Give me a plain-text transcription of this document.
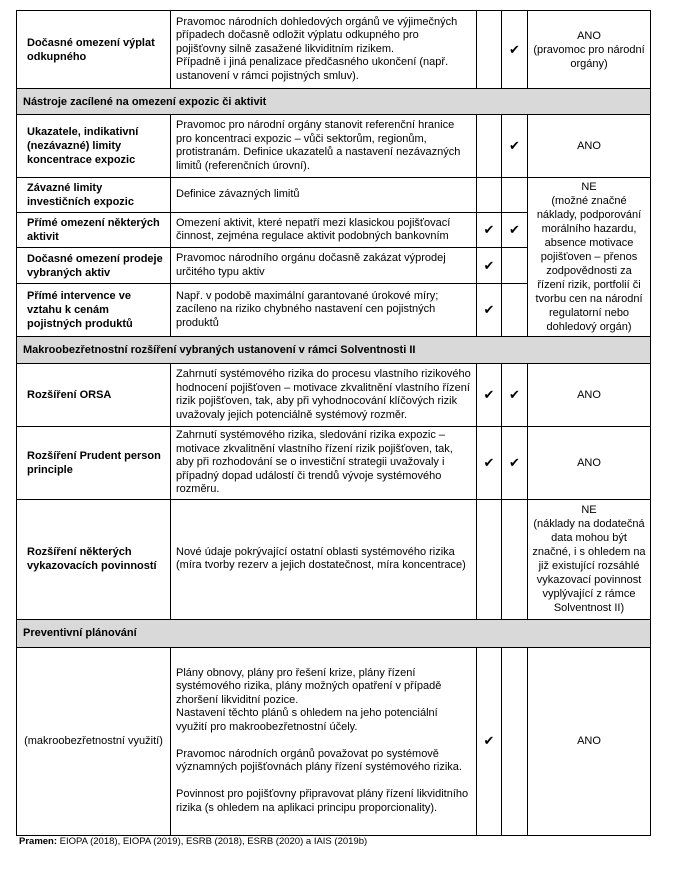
Dočasné omezení výplat odkupného	Pravomoc národních dohledových orgánů ve výjimečných případech dočasně odložit výplatu odkupného pro pojišťovny silně zasažené likviditním rizikem.
Případně i jiná penalizace předčasného ukončení (např. ustanovení v rámci pojistných smluv).		✔	ANO
(pravomoc pro národní orgány)
Nástroje zacílené na omezení expozic či aktivit				
Ukazatele, indikativní (nezávazné) limity koncentrace expozic	Pravomoc pro národní orgány stanovit referenční hranice pro koncentraci expozic – vůči sektorům, regionům, protistranám. Definice ukazatelů a nastavení nezávazných limitů (referenčních úrovní).		✔	ANO
Závazné limity investičních expozic	Definice závazných limitů			NE
(možné značné náklady, podporování morálního hazardu, absence motivace pojišťoven – přenos zodpovědnosti za řízení rizik, portfolií či tvorbu cen na národní regulatorní nebo dohledový orgán)
Přímé omezení některých aktivit	Omezení aktivit, které nepatří mezi klasickou pojišťovací činnost, zejména regulace aktivit podobných bankovním	✔	✔	
Dočasné omezení prodeje vybraných aktiv	Pravomoc národního orgánu dočasně zakázat výprodej určitého typu aktiv	✔		
Přímé intervence ve vztahu k cenám pojistných produktů	Např. v podobě maximální garantované úrokové míry; zacíleno na riziko chybného nastavení cen pojistných produktů	✔		
Makroobezřetnostní rozšíření vybraných ustanovení v rámci Solventnosti II				
Rozšíření ORSA	Zahrnutí systémového rizika do procesu vlastního rizikového hodnocení pojišťoven – motivace zkvalitnění vlastního řízení rizik pojišťoven, tak, aby při vyhodnocování klíčových rizik uvažovaly jejich potenciálně systémový rozměr.	✔	✔	ANO
Rozšíření Prudent person principle	Zahrnutí systémového rizika, sledování rizika expozic – motivace zkvalitnění vlastního řízení rizik pojišťoven, tak, aby při rozhodování se o investiční strategii uvažovaly i případný dopad událostí či trendů vývoje systémového rozměru.	✔	✔	ANO
Rozšíření některých vykazovacích povinností	Nové údaje pokrývající ostatní oblasti systémového rizika (míra tvorby rezerv a jejich dostatečnost, míra koncentrace)			NE
(náklady na dodatečná data mohou být značné, i s ohledem na již existující rozsáhlé vykazovací povinnost vyplývající z rámce Solventnost II)
Preventivní plánování				
(makroobezřetnostní využití)	Plány obnovy, plány pro řešení krize, plány řízení systémového rizika, plány možných opatření v případě zhoršení likviditní pozice.
Nastavení těchto plánů s ohledem na jeho potenciální využití pro makroobezřetnostní účely.

Pravomoc národních orgánů považovat po systémově významných pojišťovnách plány řízení systémového rizika.

Povinnost pro pojišťovny připravovat plány řízení likviditního rizika (s ohledem na aplikaci principu proporcionality).	✔		ANO
Pramen: EIOPA (2018), EIOPA (2019), ESRB (2018), ESRB (2020) a IAIS (2019b)
